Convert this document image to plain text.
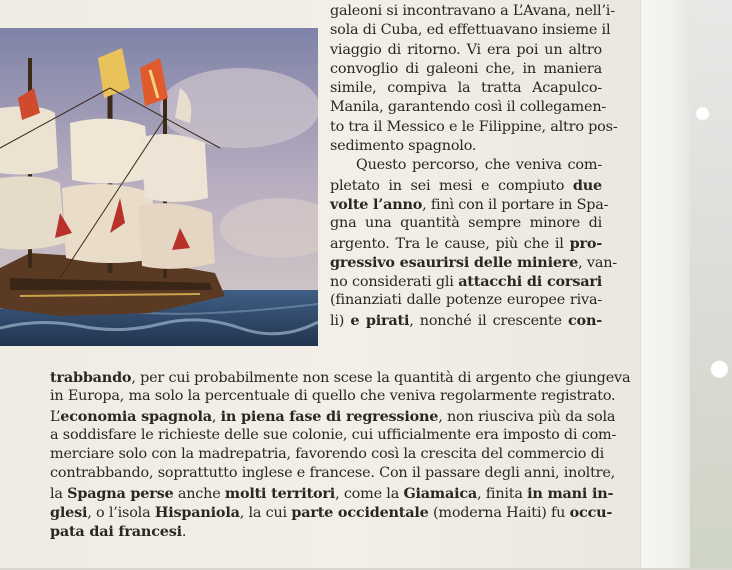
galeoni si incontravano a L’Avana, nell’i-
sola di Cuba, ed effettuavano insieme il
viaggio di ritorno. Vi era poi un altro
convoglio di galeoni che, in maniera
simile, compiva la tratta Acapulco-
Manila, garantendo così il collegamen-
to tra il Messico e le Filippine, altro pos-
sedimento spagnolo.
Questo percorso, che veniva com-
pletato in sei mesi e compiuto due
volte l’anno, finì con il portare in Spa-
gna una quantità sempre minore di
argento. Tra le cause, più che il pro-
gressivo esaurirsi delle miniere, van-
no considerati gli attacchi di corsari
(finanziati dalle potenze europee riva-
li) e pirati, nonché il crescente con-
trabbando, per cui probabilmente non scese la quantità di argento che giungeva
in Europa, ma solo la percentuale di quello che veniva regolarmente registrato.
L’economia spagnola, in piena fase di regressione, non riusciva più da sola
a soddisfare le richieste delle sue colonie, cui ufficialmente era imposto di com-
merciare solo con la madrepatria, favorendo così la crescita del commercio di
contrabbando, soprattutto inglese e francese. Con il passare degli anni, inoltre,
la Spagna perse anche molti territori, come la Giamaica, finita in mani in-
glesi, o l’isola Hispaniola, la cui parte occidentale (moderna Haiti) fu occu-
pata dai francesi.
